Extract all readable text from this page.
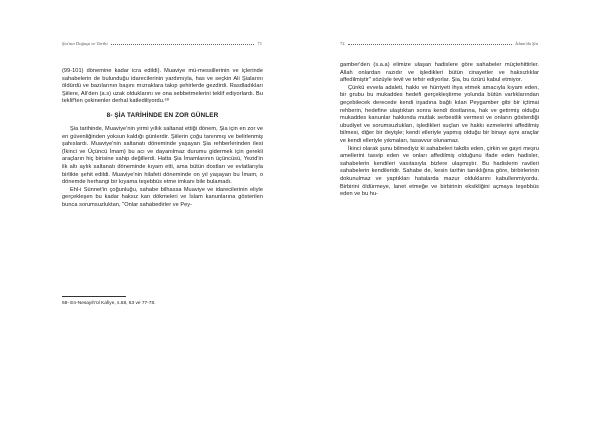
Şia'nın Doğuşu ve Tarihi	71

(99-101) dönemine kadar icra edildi). Muaviye mü-messillerinin ve içlerinde sahabelerin de bulunduğu idarecilerinin yardımıyla, has ve seçkin Ali Şialarını öldürdü ve bazılarının başını mızraklara takıp şehirlerde gezdirdi. Rasdladıkları Şiilere, Ali'den (a.s) uzak olduklarını ve ona sebbetmelerini teklif ediyorlardı. Bu teklif'ten çekinenler derhal katlediliyordu.⁶⁸

8- ŞİA TARİHİNDE EN ZOR GÜNLER

Şia tarihinde, Muaviye'nin yirmi yıllık saltanat ettiği dönem, Şia için en zor ve en güvenliğinden yoksun kaldığı günlerdir. Şiilerin çoğu tanınmış ve belirlenmiş şahıslardı. Muaviye'nin saltanatı döneminde yaşayan Şia rehberlerinden ilesi (İkinci ve Üçüncü İmam) bu acı ve dayanılmaz durumu gidermek için gerekli araçların hiç birisine sahip değillerdi. Hatta Şia İmamlarının üçüncüsü, Yezid'in ilk altı aylık saltanatı döneminde kıyam etti, ama bütün dostları ve evlatlarıyla birlikte şehit edildi. Muaviye'nin hilafeti döneminde on yıl yaşayan bu İmam, o dönemde herhangi bir kıyama teşebbüs etme imkanı bile bulamadı.

Ehl-i Sünnet'in çoğunluğu, sahabe bilhassa Muaviye ve idarecilerinin eliyle gerçekleşen bu kadar haksız kan dökmeleri ve İslam kanunlarına gösterilen bunca sorumsuzluktan, "Onlar sahabedirler ve Pey-

68- En-Nesayih'ül Kafiye, s.58, 63 ve 77-78.
72	İslam'da Şia

gamber'den (s.a.a) elimize ulaşan hadislere göre sahabeler müçtehittirler. Allah onlardan razıdır ve işledikleri bütün cinayetler ve haksızlıklar affedilmiştir" sözüyle tevil ve tefsir ediyorlar. Şia, bu özürü kabul etmiyor.

Çünkü evvela adaleti, hakkı ve hürriyeti ihya etmek amacıyla kıyam eden, bir grubu bu mukaddes hedefi gerçekleştirme yolunda bütün varlıklarından geçebilecek derecede kendi irşadına bağlı kılan Peygamber gibi bir içtimai rehberin, hedefine ulaştıktan sonra kendi dostlarına, hak ve getirmiş olduğu mukaddes kanunlar hakkında mutlak serbestlik vermesi ve onların gösterdiği ubudiyet ve sorumsuzlukları, işledikleri suçları ve hakkı ezmelerini affedilmiş bilmesi, diğer bir deyişle; kendi elleriyle yapmış olduğu bir binayı aynı araçlar ve kendi elleriyle yıkmaları, tasavvur olunamaz.

İkinci olarak şunu bilmediyiz ki sahabeleri takdis eden, çirkin ve gayri meşru amellerini tasvip eden ve onları affedilmiş olduğunu ifade eden hadisler, sahabelerin kendileri vasıtasıyla bizlere ulaşmıştır. Bu hadislerin ravileri sahabelerin kendileridir. Sahabe de, kesin tarihin tanıklığına göre, birbirlerinin dokunulmaz ve yaptıkları hatalarda mazur olduklarını kabullenmiyordu. Birbirini öldürmeye, lanet etmeğe ve birbirinin eksikliğini açmaya teşebbüs eden ve bu hu-
